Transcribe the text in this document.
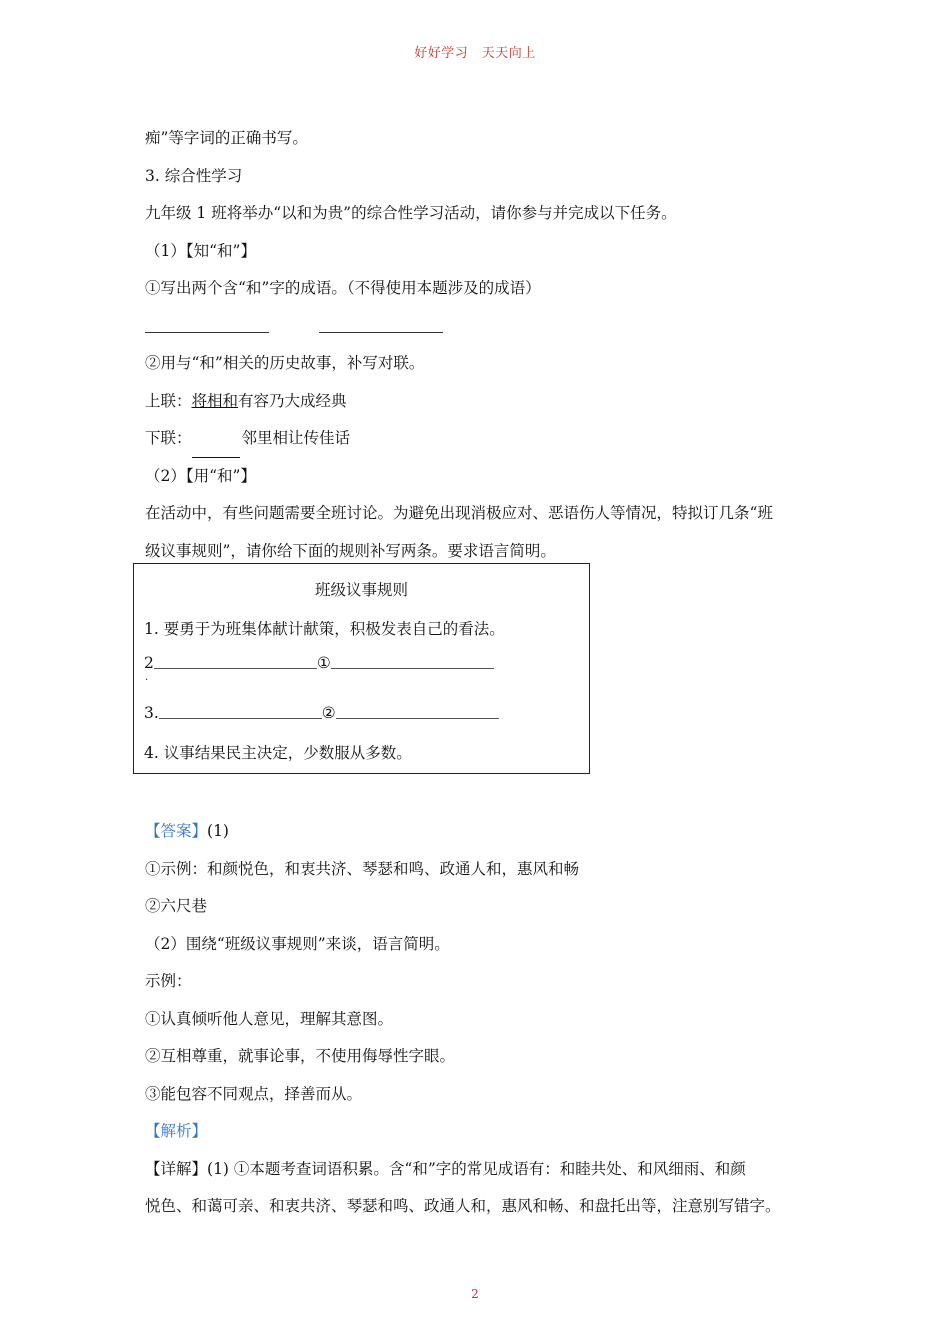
好好学习　天天向上
痴”等字词的正确书写。
3. 综合性学习
九年级 1 班将举办“以和为贵”的综合性学习活动，请你参与并完成以下任务。
（1）【知“和”】
①写出两个含“和”字的成语。（不得使用本题涉及的成语）
②用与“和”相关的历史故事，补写对联。
上联：将相和有容乃大成经典
下联：	邻里相让传佳话
（2）【用“和”】
在活动中，有些问题需要全班讨论。为避免出现消极应对、恶语伤人等情况，特拟订几条“班
级议事规则”，请你给下面的规则补写两条。要求语言简明。
班级议事规则
1. 要勇于为班集体献计献策，积极发表自己的看法。
2	①
.
3.	②
4. 议事结果民主决定，少数服从多数。
【答案】(1)
①示例：和颜悦色，和衷共济、琴瑟和鸣、政通人和，惠风和畅
②六尺巷
（2）围绕“班级议事规则”来谈，语言简明。
示例：
①认真倾听他人意见，理解其意图。
②互相尊重，就事论事，不使用侮辱性字眼。
③能包容不同观点，择善而从。
【解析】
【详解】(1) ①本题考查词语积累。含“和”字的常见成语有：和睦共处、和风细雨、和颜
悦色、和蔼可亲、和衷共济、琴瑟和鸣、政通人和，惠风和畅、和盘托出等，注意别写错字。
2
